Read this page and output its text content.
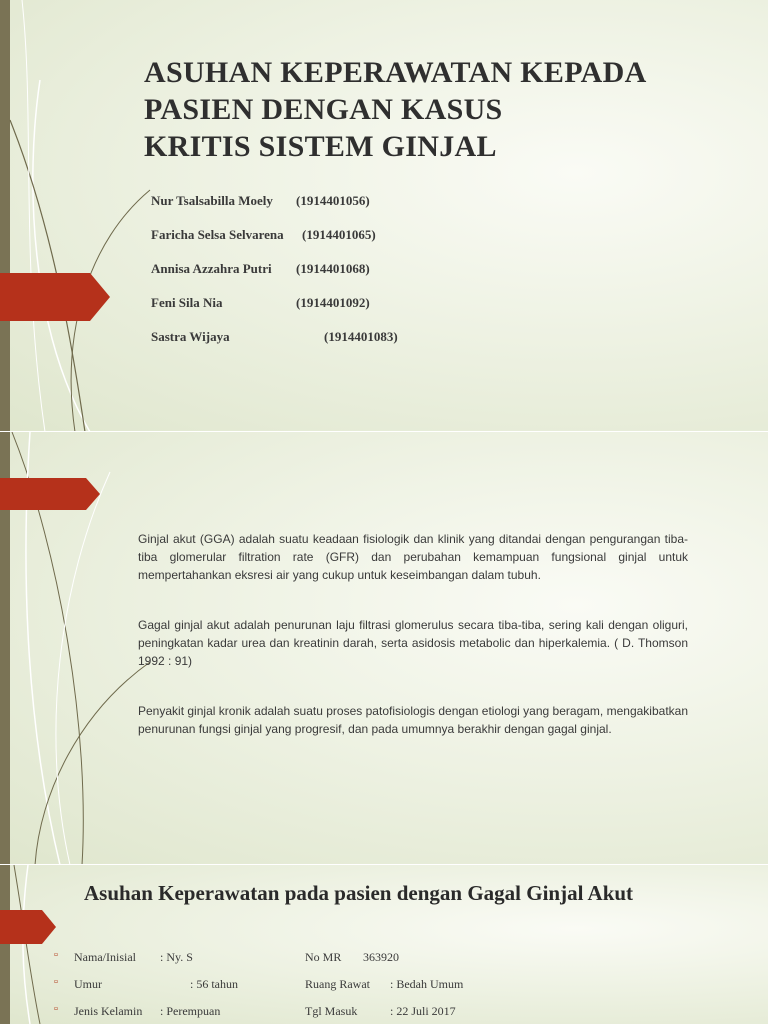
ASUHAN KEPERAWATAN KEPADA
PASIEN DENGAN KASUS
KRITIS SISTEM GINJAL
Nur Tsalsabilla Moely (1914401056)
Faricha Selsa Selvarena (1914401065)
Annisa Azzahra Putri (1914401068)
Feni Sila Nia	(1914401092)
Sastra Wijaya	(1914401083)

Ginjal akut (GGA) adalah suatu keadaan fisiologik dan klinik yang ditandai dengan pengurangan tiba-tiba glomerular filtration rate (GFR) dan perubahan kemampuan fungsional ginjal untuk mempertahankan eksresi air yang cukup untuk keseimbangan dalam tubuh.

Gagal ginjal akut adalah penurunan laju filtrasi glomerulus secara tiba-tiba, sering kali dengan oliguri, peningkatan kadar urea dan kreatinin darah, serta asidosis metabolic dan hiperkalemia. ( D. Thomson 1992 : 91)

Penyakit ginjal kronik adalah suatu proses patofisiologis dengan etiologi yang beragam, mengakibatkan penurunan fungsi ginjal yang progresif, dan pada umumnya berakhir dengan gagal ginjal.

Asuhan Keperawatan pada pasien dengan Gagal Ginjal Akut
▫ Nama/Inisial : Ny. S	No MR 363920
▫ Umur	: 56 tahun	Ruang Rawat : Bedah Umum
▫ Jenis Kelamin : Perempuan	Tgl Masuk	: 22 Juli 2017
